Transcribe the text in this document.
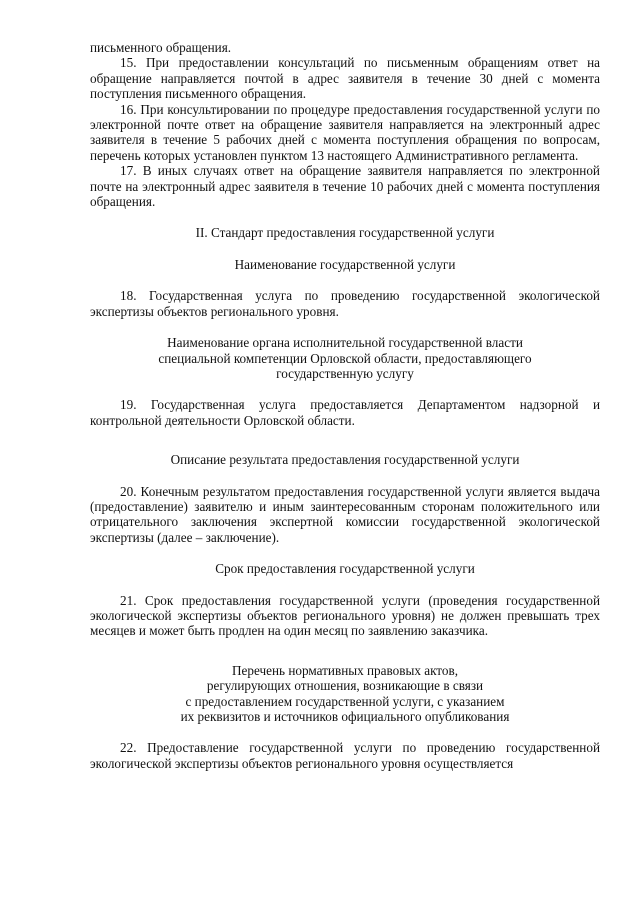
письменного обращения.

15. При предоставлении консультаций по письменным обращениям ответ на обращение направляется почтой в адрес заявителя в течение 30 дней с момента поступления письменного обращения.

16. При консультировании по процедуре предоставления государственной услуги по электронной почте ответ на обращение заявителя направляется на электронный адрес заявителя в течение 5 рабочих дней с момента поступления обращения по вопросам, перечень которых установлен пунктом 13 настоящего Административного регламента.

17. В иных случаях ответ на обращение заявителя направляется по электронной почте на электронный адрес заявителя в течение 10 рабочих дней с момента поступления обращения.

II. Стандарт предоставления государственной услуги

Наименование государственной услуги

18. Государственная услуга по проведению государственной экологической экспертизы объектов регионального уровня.

Наименование органа исполнительной государственной власти

специальной компетенции Орловской области, предоставляющего

государственную услугу

19. Государственная услуга предоставляется Департаментом надзорной и контрольной деятельности Орловской области.

Описание результата предоставления государственной услуги

20. Конечным результатом предоставления государственной услуги является выдача (предоставление) заявителю и иным заинтересованным сторонам положительного или отрицательного заключения экспертной комиссии государственной экологической экспертизы (далее – заключение).

Срок предоставления государственной услуги

21. Срок предоставления государственной услуги (проведения государственной экологической экспертизы объектов регионального уровня) не должен превышать трех месяцев и может быть продлен на один месяц по заявлению заказчика.

Перечень нормативных правовых актов,

регулирующих отношения, возникающие в связи

с предоставлением государственной услуги, с указанием

их реквизитов и источников официального опубликования

22. Предоставление государственной услуги по проведению государственной экологической экспертизы объектов регионального уровня осуществляется
